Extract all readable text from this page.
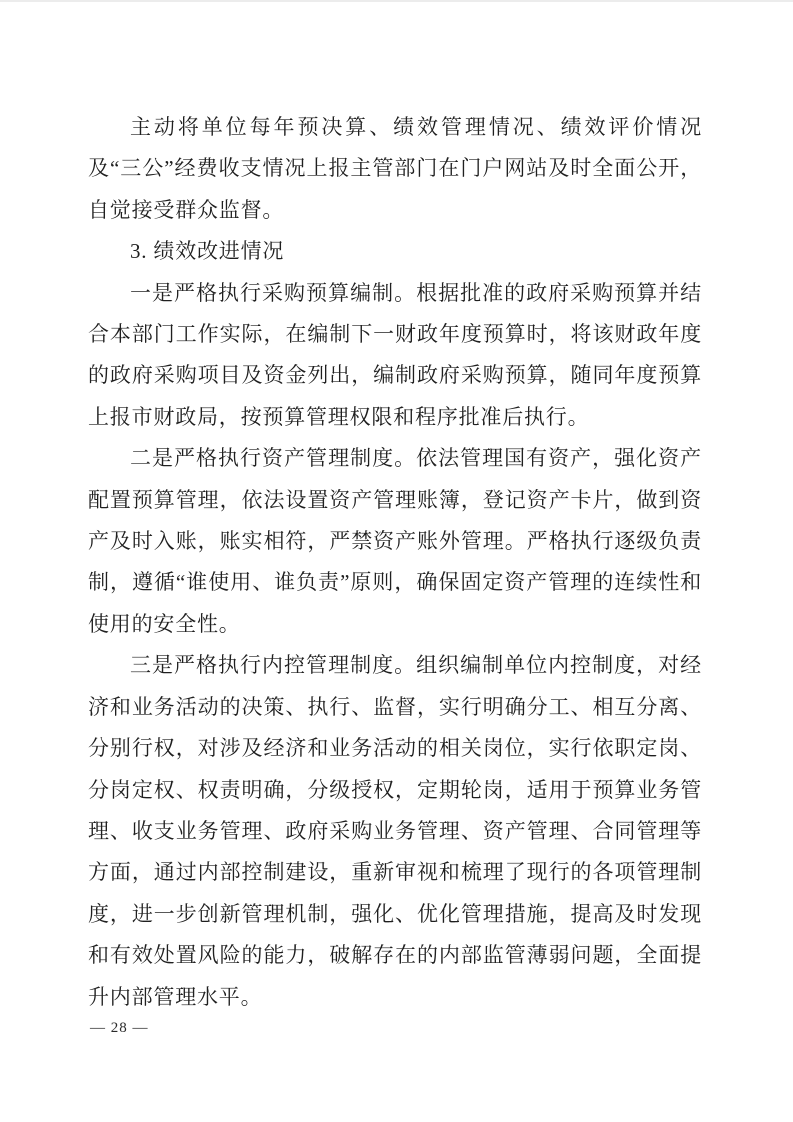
主动将单位每年预决算、绩效管理情况、绩效评价情况及“三公”经费收支情况上报主管部门在门户网站及时全面公开，自觉接受群众监督。

3. 绩效改进情况

一是严格执行采购预算编制。根据批准的政府采购预算并结合本部门工作实际，在编制下一财政年度预算时，将该财政年度的政府采购项目及资金列出，编制政府采购预算，随同年度预算上报市财政局，按预算管理权限和程序批准后执行。

二是严格执行资产管理制度。依法管理国有资产，强化资产配置预算管理，依法设置资产管理账簿，登记资产卡片，做到资产及时入账，账实相符，严禁资产账外管理。严格执行逐级负责制，遵循“谁使用、谁负责”原则，确保固定资产管理的连续性和使用的安全性。

三是严格执行内控管理制度。组织编制单位内控制度，对经济和业务活动的决策、执行、监督，实行明确分工、相互分离、分别行权，对涉及经济和业务活动的相关岗位，实行依职定岗、分岗定权、权责明确，分级授权，定期轮岗，适用于预算业务管理、收支业务管理、政府采购业务管理、资产管理、合同管理等方面，通过内部控制建设，重新审视和梳理了现行的各项管理制度，进一步创新管理机制，强化、优化管理措施，提高及时发现和有效处置风险的能力，破解存在的内部监管薄弱问题，全面提升内部管理水平。

— 28 —
